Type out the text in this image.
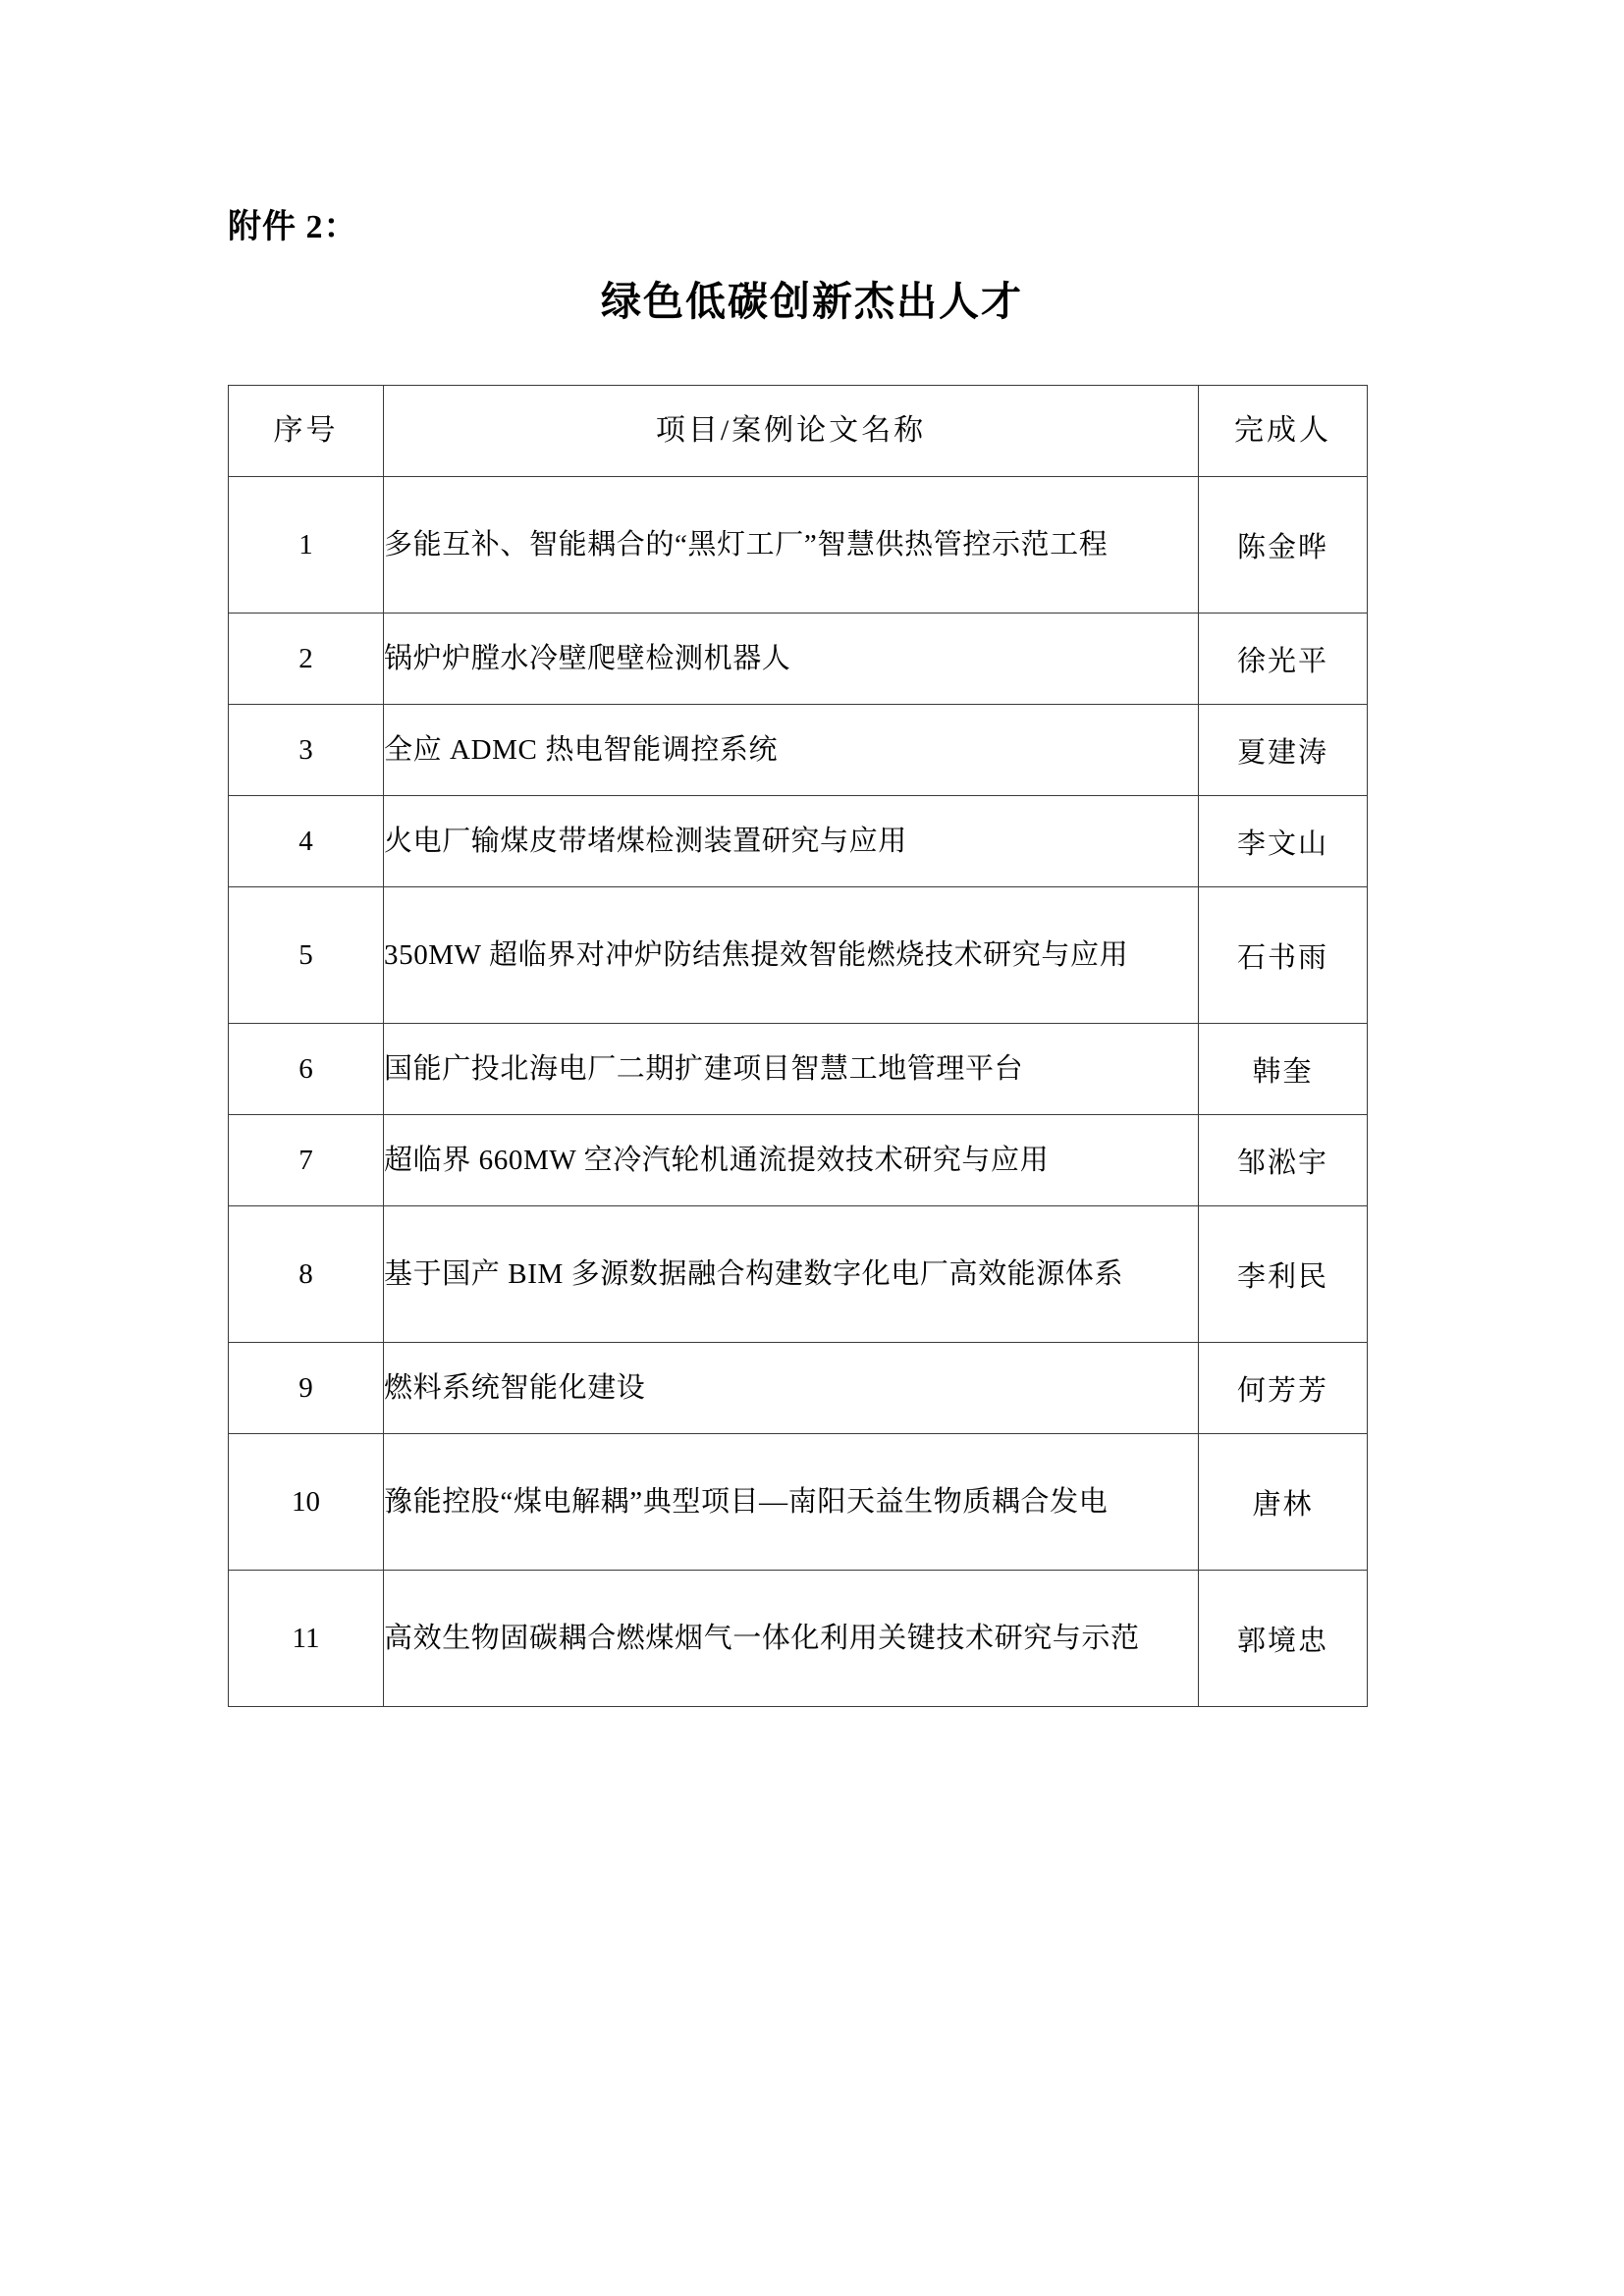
附件 2：
绿色低碳创新杰出人才
序号	项目/案例论文名称	完成人
1	多能互补、智能耦合的“黑灯工厂”智慧供热管控示范工程	陈金晔
2	锅炉炉膛水冷壁爬壁检测机器人	徐光平
3	全应 ADMC 热电智能调控系统	夏建涛
4	火电厂输煤皮带堵煤检测装置研究与应用	李文山
5	350MW 超临界对冲炉防结焦提效智能燃烧技术研究与应用	石书雨
6	国能广投北海电厂二期扩建项目智慧工地管理平台	韩奎
7	超临界 660MW 空冷汽轮机通流提效技术研究与应用	邹淞宇
8	基于国产 BIM 多源数据融合构建数字化电厂高效能源体系	李利民
9	燃料系统智能化建设	何芳芳
10	豫能控股“煤电解耦”典型项目—南阳天益生物质耦合发电	唐林
11	高效生物固碳耦合燃煤烟气一体化利用关键技术研究与示范	郭境忠
